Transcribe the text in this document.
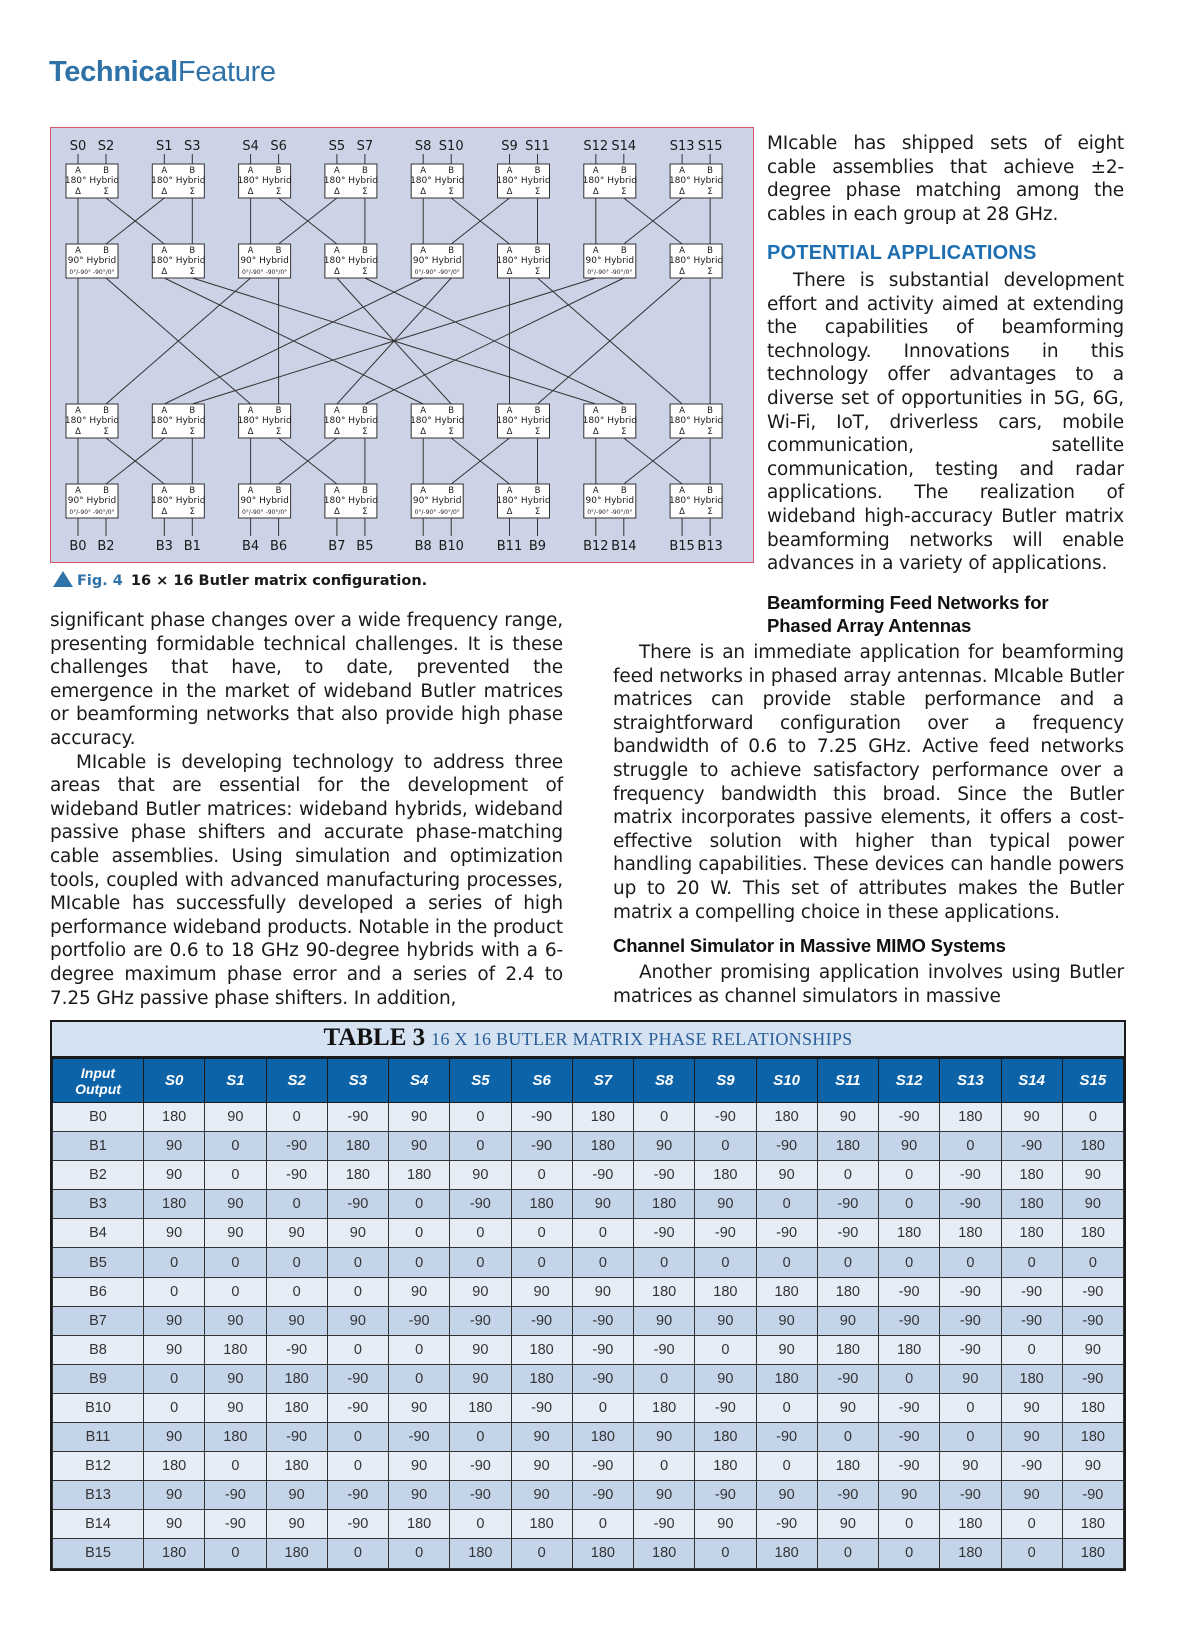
TechnicalFeature
S0 S2	S1 S3	S4 S6	S5 S7	S8 S10	S9 S11	S12 S14	S13 S15
B0 B2	B3 B1	B4 B6	B7 B5	B8 B10	B11 B9	B12 B14	B15 B13
A	B
180° Hybrid
Δ	Σ
A	B
180° Hybrid
Δ	Σ
A	B
180° Hybrid
Δ	Σ
A	B
180° Hybrid
Δ	Σ
A	B
180° Hybrid
Δ	Σ
A	B
180° Hybrid
Δ	Σ
A	B
180° Hybrid
Δ	Σ
A	B
180° Hybrid
Δ	Σ
A	B
90° Hybrid
0°/-90° -90°/0°
A	B
180° Hybrid
Δ	Σ
A	B
90° Hybrid
0°/-90° -90°/0°
A	B
180° Hybrid
Δ	Σ
A	B
90° Hybrid
0°/-90° -90°/0°
A	B
180° Hybrid
Δ	Σ
A	B
90° Hybrid
0°/-90° -90°/0°
A	B
180° Hybrid
Δ	Σ
A	B
180° Hybrid
Δ	Σ
A	B
180° Hybrid
Δ	Σ
A	B
180° Hybrid
Δ	Σ
A	B
180° Hybrid
Δ	Σ
A	B
180° Hybrid
Δ	Σ
A	B
180° Hybrid
Δ	Σ
A	B
180° Hybrid
Δ	Σ
A	B
180° Hybrid
Δ	Σ
A	B
90° Hybrid
0°/-90° -90°/0°
A	B
180° Hybrid
Δ	Σ
A	B
90° Hybrid
0°/-90° -90°/0°
A	B
180° Hybrid
Δ	Σ
A	B
90° Hybrid
0°/-90° -90°/0°
A	B
180° Hybrid
Δ	Σ
A	B
90° Hybrid
0°/-90° -90°/0°
A	B
180° Hybrid
Δ	Σ
Fig. 4 16 × 16 Butler matrix configuration.

MIcable has shipped sets of eight cable assemblies that achieve ±2-degree phase matching among the cables in each group at 28 GHz.

POTENTIAL APPLICATIONS

There is substantial development effort and activity aimed at extending the capabilities of beamforming technology. Innovations in this technology offer advantages to a diverse set of opportunities in 5G, 6G, Wi-Fi, IoT, driverless cars, mobile communication, satellite communication, testing and radar applications. The realization of wideband high-accuracy Butler matrix beamforming networks will enable advances in a variety of applications.

significant phase changes over a wide frequency range, presenting formidable technical challenges. It is these challenges that have, to date, prevented the emergence in the market of wideband Butler matrices or beamforming networks that also provide high phase accuracy.

MIcable is developing technology to address three areas that are essential for the development of wideband Butler matrices: wideband hybrids, wideband passive phase shifters and accurate phase-matching cable assemblies. Using simulation and optimization tools, coupled with advanced manufacturing processes, MIcable has successfully developed a series of high performance wideband products. Notable in the product portfolio are 0.6 to 18 GHz 90-degree hybrids with a 6-degree maximum phase error and a series of 2.4 to 7.25 GHz passive phase shifters. In addition,

Beamforming Feed Networks for
Phased Array Antennas

There is an immediate application for beamforming feed networks in phased array antennas. MIcable Butler matrices can provide stable performance and a straightforward configuration over a frequency bandwidth of 0.6 to 7.25 GHz. Active feed networks struggle to achieve satisfactory performance over a frequency bandwidth this broad. Since the Butler matrix incorporates passive elements, it offers a cost-effective solution with higher than typical power handling capabilities. These devices can handle powers up to 20 W. This set of attributes makes the Butler matrix a compelling choice in these applications.

Channel Simulator in Massive MIMO Systems

Another promising application involves using Butler matrices as channel simulators in massive

TABLE 3 16 X 16 BUTLER MATRIX PHASE RELATIONSHIPS
Input
Output	S0	S1	S2	S3	S4	S5	S6	S7	S8	S9	S10	S11	S12	S13	S14	S15
B0	180	90	0	-90	90	0	-90	180	0	-90	180	90	-90	180	90	0
B1	90	0	-90	180	90	0	-90	180	90	0	-90	180	90	0	-90	180
B2	90	0	-90	180	180	90	0	-90	-90	180	90	0	0	-90	180	90
B3	180	90	0	-90	0	-90	180	90	180	90	0	-90	0	-90	180	90
B4	90	90	90	90	0	0	0	0	-90	-90	-90	-90	180	180	180	180
B5	0	0	0	0	0	0	0	0	0	0	0	0	0	0	0	0
B6	0	0	0	0	90	90	90	90	180	180	180	180	-90	-90	-90	-90
B7	90	90	90	90	-90	-90	-90	-90	90	90	90	90	-90	-90	-90	-90
B8	90	180	-90	0	0	90	180	-90	-90	0	90	180	180	-90	0	90
B9	0	90	180	-90	0	90	180	-90	0	90	180	-90	0	90	180	-90
B10	0	90	180	-90	90	180	-90	0	180	-90	0	90	-90	0	90	180
B11	90	180	-90	0	-90	0	90	180	90	180	-90	0	-90	0	90	180
B12	180	0	180	0	90	-90	90	-90	0	180	0	180	-90	90	-90	90
B13	90	-90	90	-90	90	-90	90	-90	90	-90	90	-90	90	-90	90	-90
B14	90	-90	90	-90	180	0	180	0	-90	90	-90	90	0	180	0	180
B15	180	0	180	0	0	180	0	180	180	0	180	0	0	180	0	180
